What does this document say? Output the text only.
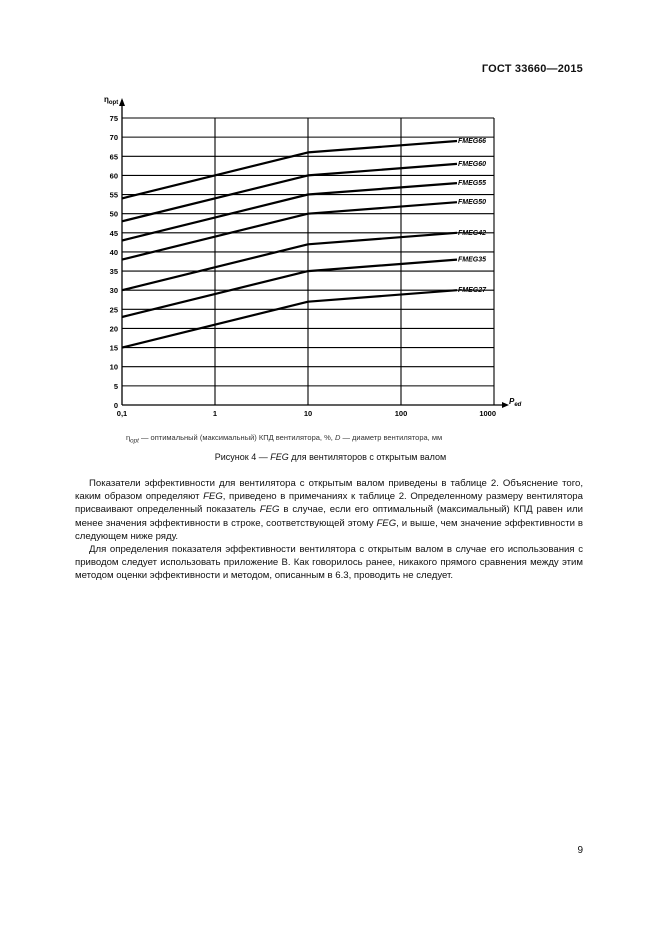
ГОСТ 33660—2015
0
5
10
15
20
25
30
35
40
45
50
55
60
65
70
75
0,1	1	10	100	1000
$\eta_{opt}$
$P_{ed}$
FMEG66
FMEG60
FMEG55
FMEG50
FMEG42
FMEG35
FMEG27
$\eta_{opt}$ — оптимальный (максимальный) КПД вентилятора, %, D — диаметр вентилятора, мм
Рисунок 4 — FEG для вентиляторов с открытым валом

Показатели эффективности для вентилятора с открытым валом приведены в таблице 2. Объяснение того, каким образом определяют FEG, приведено в примечаниях к таблице 2. Определенному размеру вентилятора присваивают определенный показатель FEG в случае, если его оптимальный (максимальный) КПД равен или менее значения эффективности в строке, соответствующей этому FEG, и выше, чем значение эффективности в следующем ниже ряду.

Для определения показателя эффективности вентилятора с открытым валом в случае его использования с приводом следует использовать приложение В. Как говорилось ранее, никакого прямого сравнения между этим методом оценки эффективности и методом, описанным в 6.3, проводить не следует.

9
